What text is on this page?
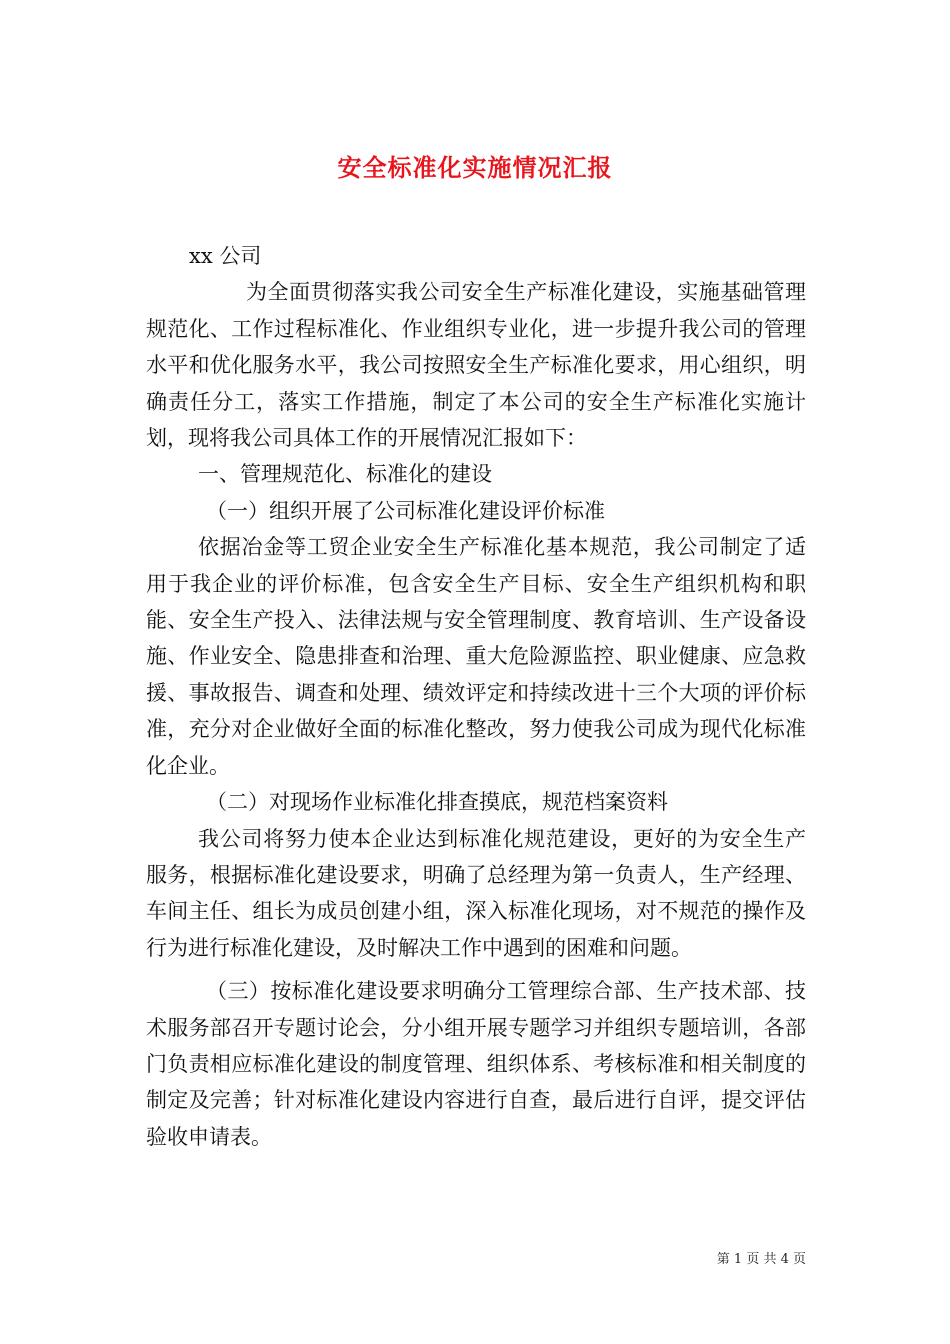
安全标准化实施情况汇报

xx 公司

为全面贯彻落实我公司安全生产标准化建设，实施基础管理规范化、工作过程标准化、作业组织专业化，进一步提升我公司的管理水平和优化服务水平，我公司按照安全生产标准化要求，用心组织，明确责任分工，落实工作措施，制定了本公司的安全生产标准化实施计划，现将我公司具体工作的开展情况汇报如下：

一、管理规范化、标准化的建设

（一）组织开展了公司标准化建设评价标准

依据冶金等工贸企业安全生产标准化基本规范，我公司制定了适用于我企业的评价标准，包含安全生产目标、安全生产组织机构和职能、安全生产投入、法律法规与安全管理制度、教育培训、生产设备设施、作业安全、隐患排查和治理、重大危险源监控、职业健康、应急救援、事故报告、调查和处理、绩效评定和持续改进十三个大项的评价标准，充分对企业做好全面的标准化整改，努力使我公司成为现代化标准化企业。

（二）对现场作业标准化排查摸底，规范档案资料

我公司将努力使本企业达到标准化规范建设，更好的为安全生产服务，根据标准化建设要求，明确了总经理为第一负责人，生产经理、车间主任、组长为成员创建小组，深入标准化现场，对不规范的操作及行为进行标准化建设，及时解决工作中遇到的困难和问题。

（三）按标准化建设要求明确分工管理综合部、生产技术部、技术服务部召开专题讨论会，分小组开展专题学习并组织专题培训，各部门负责相应标准化建设的制度管理、组织体系、考核标准和相关制度的制定及完善；针对标准化建设内容进行自查，最后进行自评，提交评估验收申请表。

第 1 页 共 4 页
